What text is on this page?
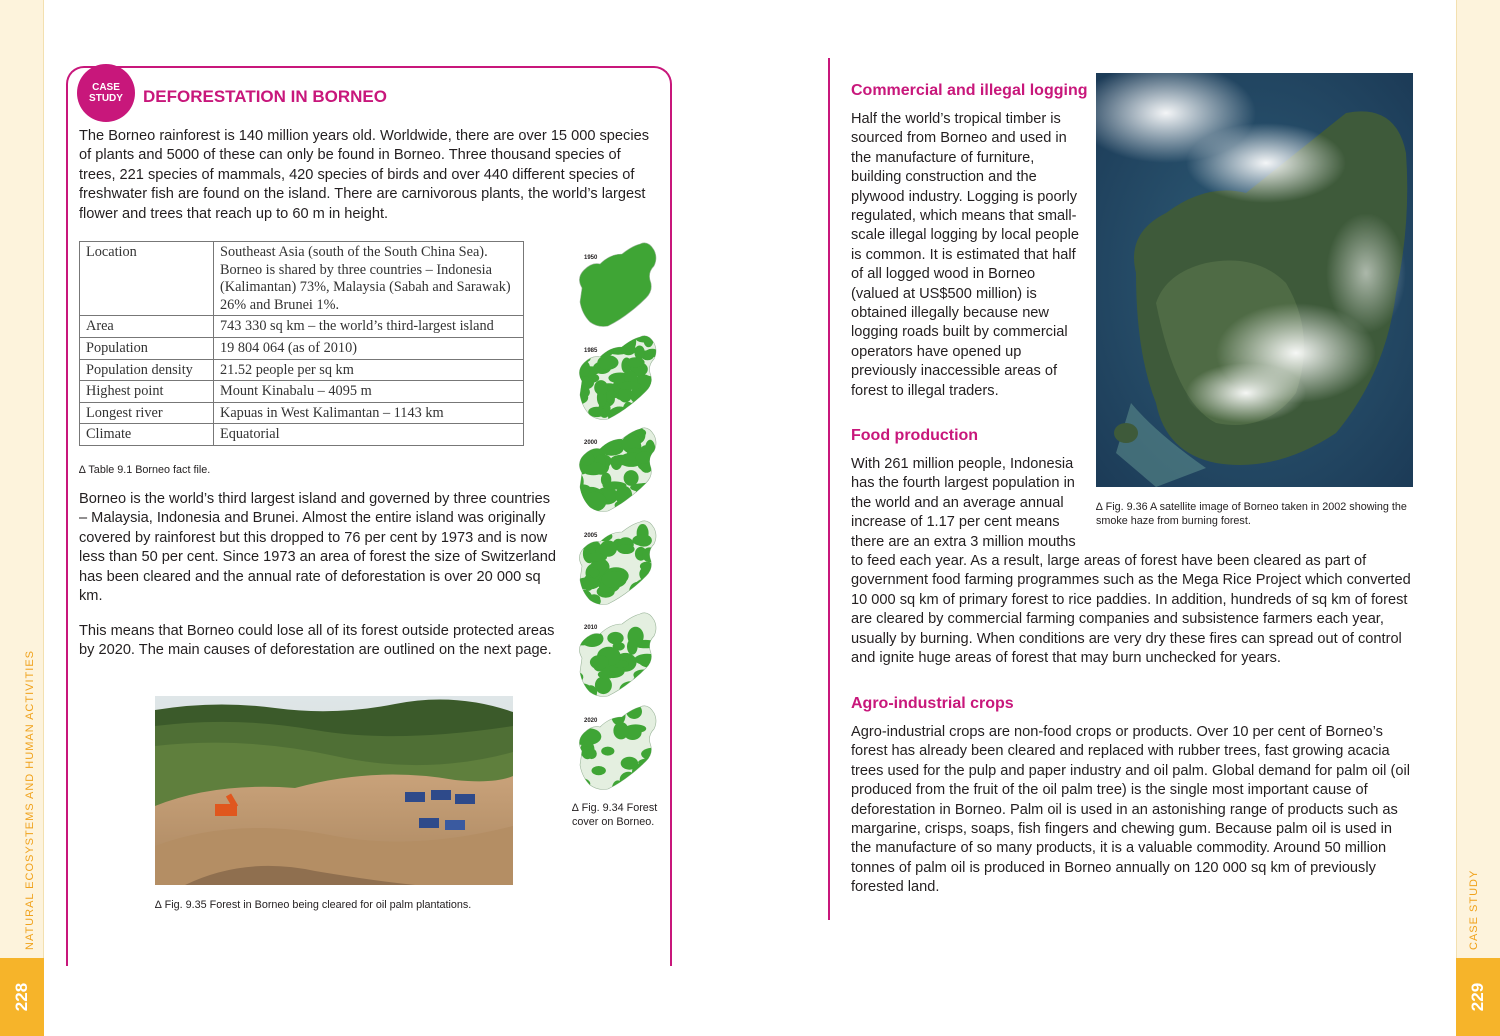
NATURAL ECOSYSTEMS AND HUMAN ACTIVITIES	CASE STUDY
228	229
CASE
STUDY DEFORESTATION IN BORNEO
The Borneo rainforest is 140 million years old. Worldwide, there are over 15 000 species of plants and 5000 of these can only be found in Borneo. Three thousand species of trees, 221 species of mammals, 420 species of birds and over 440 different species of freshwater fish are found on the island. There are carnivorous plants, the world’s largest flower and trees that reach up to 60 m in height.
Location	Southeast Asia (south of the South China Sea). Borneo is shared by three countries – Indonesia (Kalimantan) 73%, Malaysia (Sabah and Sarawak) 26% and Brunei 1%.
Area	743 330 sq km – the world’s third-largest island
Population	19 804 064 (as of 2010)
Population density	21.52 people per sq km
Highest point	Mount Kinabalu – 4095 m
Longest river	Kapuas in West Kalimantan – 1143 km
Climate	Equatorial
∆ Table 9.1 Borneo fact file.
Borneo is the world’s third largest island and governed by three countries – Malaysia, Indonesia and Brunei. Almost the entire island was originally covered by rainforest but this dropped to 76 per cent by 1973 and is now less than 50 per cent. Since 1973 an area of forest the size of Switzerland has been cleared and the annual rate of deforestation is over 20 000 sq km.
This means that Borneo could lose all of its forest outside protected areas by 2020. The main causes of deforestation are outlined on the next page.
1950
1985
2000
2005
2010
2020
∆ Fig. 9.34 Forest cover on Borneo.
∆ Fig. 9.35 Forest in Borneo being cleared for oil palm plantations.
Commercial and illegal logging
Half the world’s tropical timber is sourced from Borneo and used in the manufacture of furniture, building construction and the plywood industry. Logging is poorly regulated, which means that small-scale illegal logging by local people is common. It is estimated that half of all logged wood in Borneo (valued at US$500 million) is obtained illegally because new logging roads built by commercial operators have opened up previously inaccessible areas of forest to illegal traders.
∆ Fig. 9.36 A satellite image of Borneo taken in 2002 showing the smoke haze from burning forest.
Food production
With 261 million people, Indonesia has the fourth largest population in the world and an average annual increase of 1.17 per cent means there are an extra 3 million mouths
to feed each year. As a result, large areas of forest have been cleared as part of government food farming programmes such as the Mega Rice Project which converted 10 000 sq km of primary forest to rice paddies. In addition, hundreds of sq km of forest are cleared by commercial farming companies and subsistence farmers each year, usually by burning. When conditions are very dry these fires can spread out of control and ignite huge areas of forest that may burn unchecked for years.
Agro-industrial crops
Agro-industrial crops are non-food crops or products. Over 10 per cent of Borneo’s forest has already been cleared and replaced with rubber trees, fast growing acacia trees used for the pulp and paper industry and oil palm. Global demand for palm oil (oil produced from the fruit of the oil palm tree) is the single most important cause of deforestation in Borneo. Palm oil is used in an astonishing range of products such as margarine, crisps, soaps, fish fingers and chewing gum. Because palm oil is used in the manufacture of so many products, it is a valuable commodity. Around 50 million tonnes of palm oil is produced in Borneo annually on 120 000 sq km of previously forested land.
